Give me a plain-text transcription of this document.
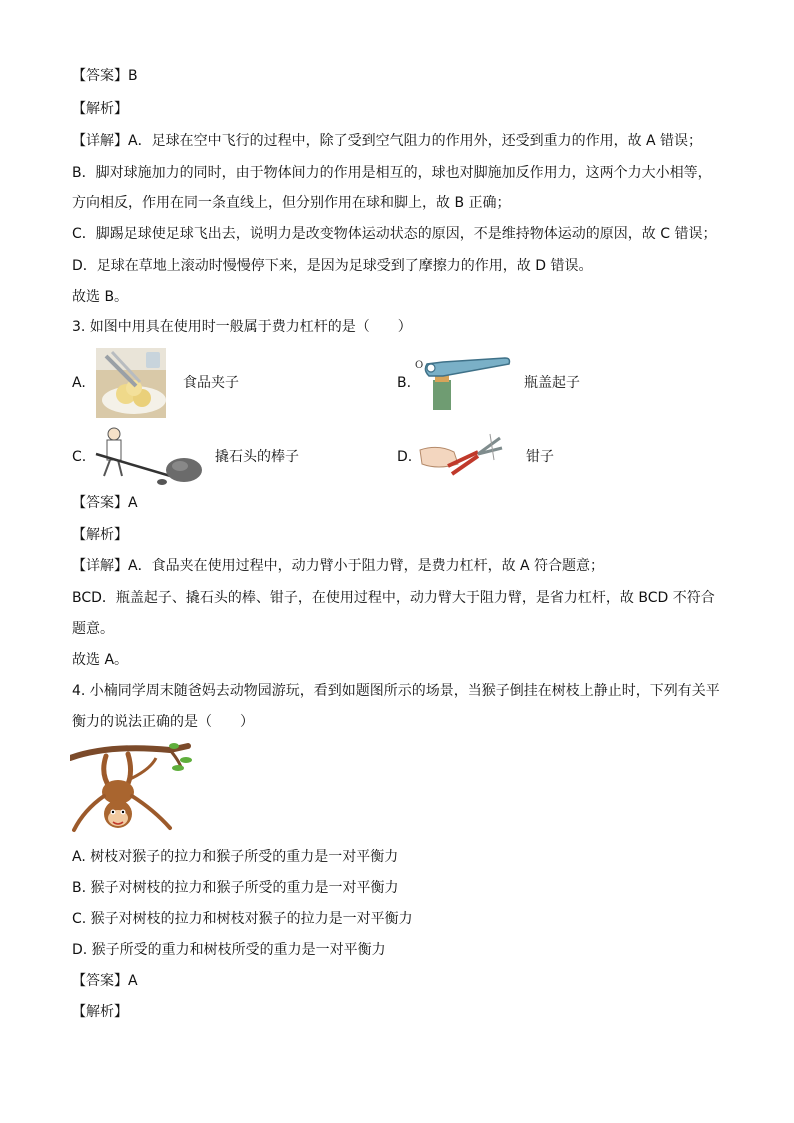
【答案】B
【解析】
【详解】A．足球在空中飞行的过程中，除了受到空气阻力的作用外，还受到重力的作用，故 A 错误；
B．脚对球施加力的同时，由于物体间力的作用是相互的，球也对脚施加反作用力，这两个力大小相等，
方向相反，作用在同一条直线上，但分别作用在球和脚上，故 B 正确；
C．脚踢足球使足球飞出去，说明力是改变物体运动状态的原因，不是维持物体运动的原因，故 C 错误；
D．足球在草地上滚动时慢慢停下来，是因为足球受到了摩擦力的作用，故 D 错误。
故选 B。
3. 如图中用具在使用时一般属于费力杠杆的是（　　）
A.	食品夹子	B.
O
瓶盖起子
C.	撬石头的棒子	D.	钳子
【答案】A
【解析】
【详解】A．食品夹在使用过程中，动力臂小于阻力臂，是费力杠杆，故 A 符合题意；
BCD．瓶盖起子、撬石头的棒、钳子，在使用过程中，动力臂大于阻力臂，是省力杠杆，故 BCD 不符合
题意。
故选 A。
4. 小楠同学周末随爸妈去动物园游玩，看到如题图所示的场景，当猴子倒挂在树枝上静止时，下列有关平
衡力的说法正确的是（　　）
A. 树枝对猴子的拉力和猴子所受的重力是一对平衡力
B. 猴子对树枝的拉力和猴子所受的重力是一对平衡力
C. 猴子对树枝的拉力和树枝对猴子的拉力是一对平衡力
D. 猴子所受的重力和树枝所受的重力是一对平衡力
【答案】A
【解析】
